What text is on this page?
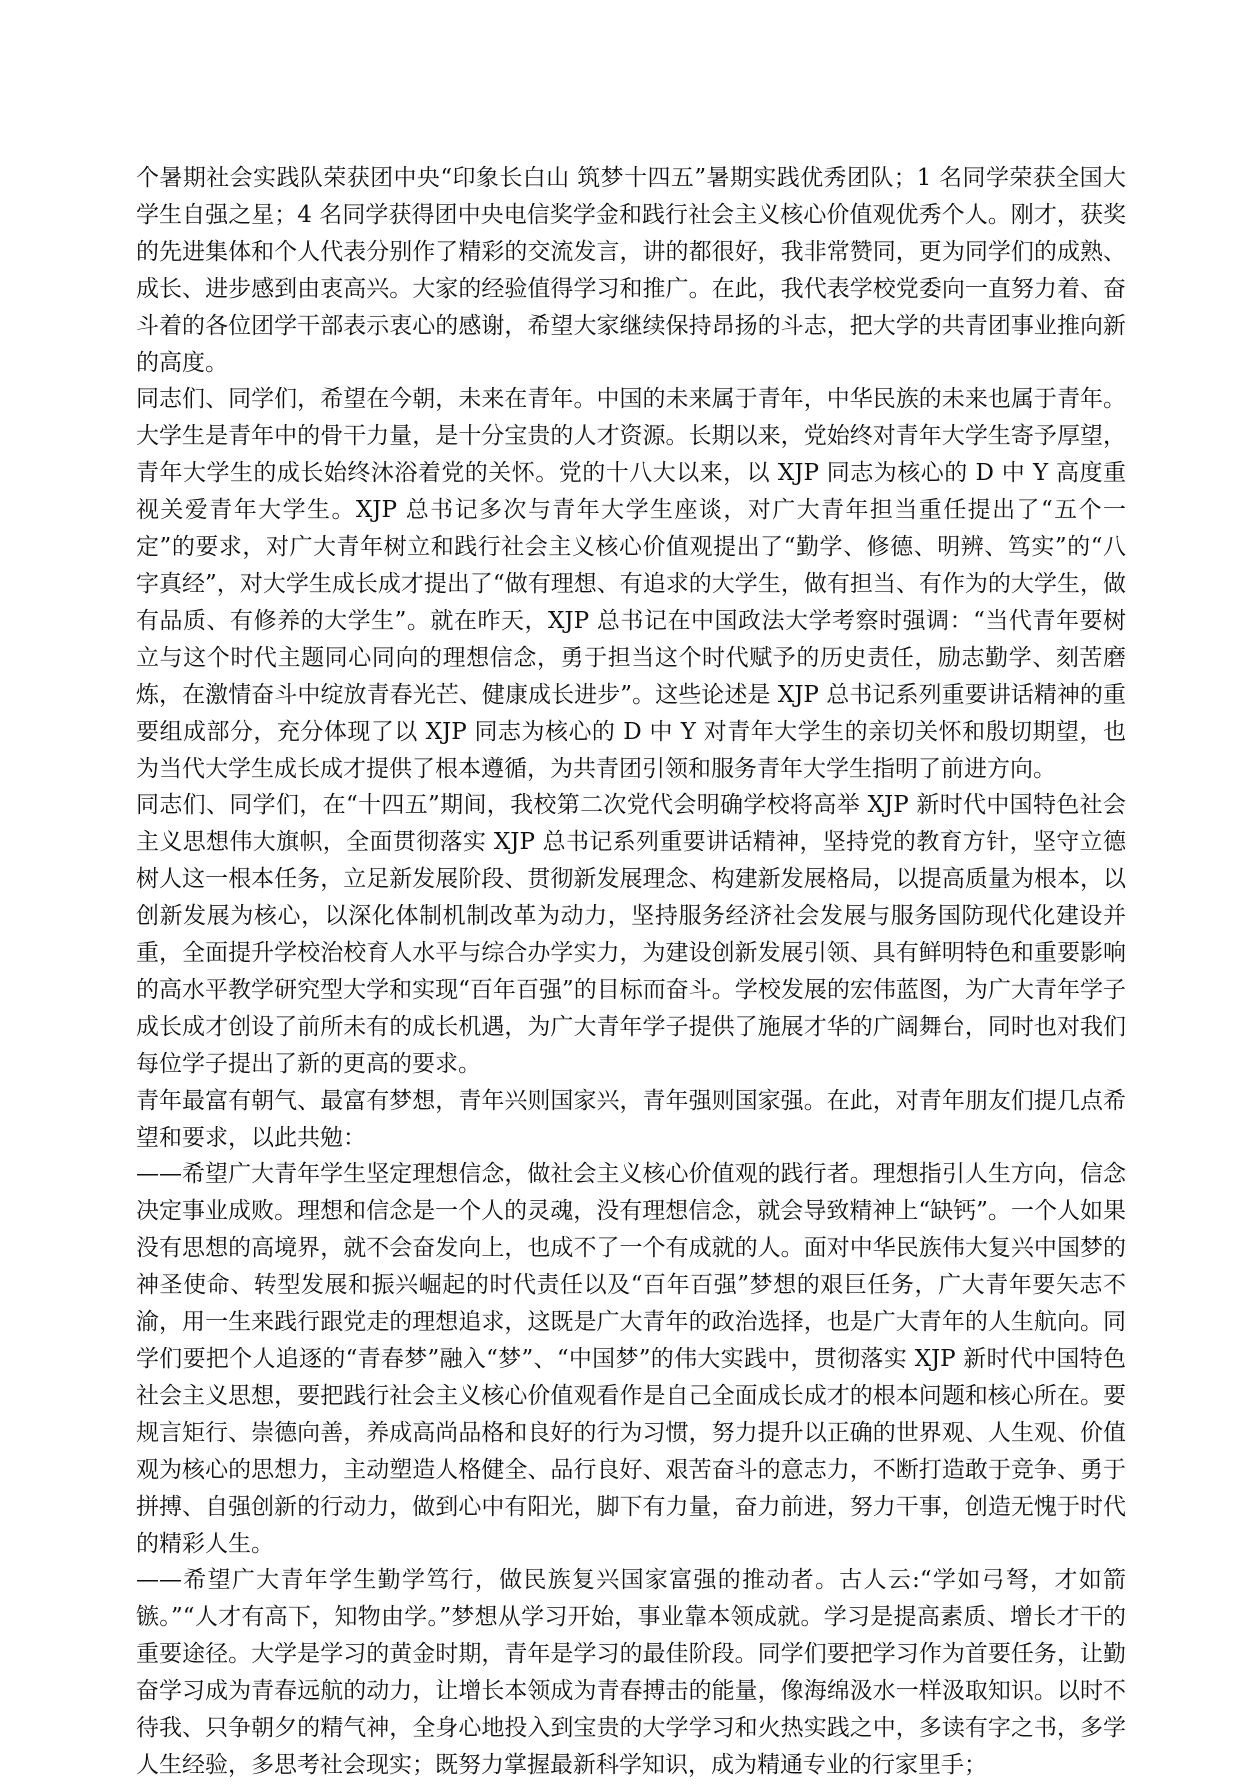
个暑期社会实践队荣获团中央“印象长白山 筑梦十四五”暑期实践优秀团队；1 名同学荣获全国大学生自强之星；4 名同学获得团中央电信奖学金和践行社会主义核心价值观优秀个人。刚才，获奖的先进集体和个人代表分别作了精彩的交流发言，讲的都很好，我非常赞同，更为同学们的成熟、成长、进步感到由衷高兴。大家的经验值得学习和推广。在此，我代表学校党委向一直努力着、奋斗着的各位团学干部表示衷心的感谢，希望大家继续保持昂扬的斗志，把大学的共青团事业推向新的高度。

同志们、同学们，希望在今朝，未来在青年。中国的未来属于青年，中华民族的未来也属于青年。大学生是青年中的骨干力量，是十分宝贵的人才资源。长期以来，党始终对青年大学生寄予厚望，青年大学生的成长始终沐浴着党的关怀。党的十八大以来，以 XJP 同志为核心的 D 中 Y 高度重视关爱青年大学生。XJP 总书记多次与青年大学生座谈，对广大青年担当重任提出了“五个一定”的要求，对广大青年树立和践行社会主义核心价值观提出了“勤学、修德、明辨、笃实”的“八字真经”，对大学生成长成才提出了“做有理想、有追求的大学生，做有担当、有作为的大学生，做有品质、有修养的大学生”。就在昨天，XJP 总书记在中国政法大学考察时强调：“当代青年要树立与这个时代主题同心同向的理想信念，勇于担当这个时代赋予的历史责任，励志勤学、刻苦磨炼，在激情奋斗中绽放青春光芒、健康成长进步”。这些论述是 XJP 总书记系列重要讲话精神的重要组成部分，充分体现了以 XJP 同志为核心的 D 中 Y 对青年大学生的亲切关怀和殷切期望，也为当代大学生成长成才提供了根本遵循，为共青团引领和服务青年大学生指明了前进方向。

同志们、同学们，在“十四五”期间，我校第二次党代会明确学校将高举 XJP 新时代中国特色社会主义思想伟大旗帜，全面贯彻落实 XJP 总书记系列重要讲话精神，坚持党的教育方针，坚守立德树人这一根本任务，立足新发展阶段、贯彻新发展理念、构建新发展格局，以提高质量为根本，以创新发展为核心，以深化体制机制改革为动力，坚持服务经济社会发展与服务国防现代化建设并重，全面提升学校治校育人水平与综合办学实力，为建设创新发展引领、具有鲜明特色和重要影响的高水平教学研究型大学和实现“百年百强”的目标而奋斗。学校发展的宏伟蓝图，为广大青年学子成长成才创设了前所未有的成长机遇，为广大青年学子提供了施展才华的广阔舞台，同时也对我们每位学子提出了新的更高的要求。

青年最富有朝气、最富有梦想，青年兴则国家兴，青年强则国家强。在此，对青年朋友们提几点希望和要求，以此共勉：

——希望广大青年学生坚定理想信念，做社会主义核心价值观的践行者。理想指引人生方向，信念决定事业成败。理想和信念是一个人的灵魂，没有理想信念，就会导致精神上“缺钙”。一个人如果没有思想的高境界，就不会奋发向上，也成不了一个有成就的人。面对中华民族伟大复兴中国梦的神圣使命、转型发展和振兴崛起的时代责任以及“百年百强”梦想的艰巨任务，广大青年要矢志不渝，用一生来践行跟党走的理想追求，这既是广大青年的政治选择，也是广大青年的人生航向。同学们要把个人追逐的“青春梦”融入“梦”、“中国梦”的伟大实践中，贯彻落实 XJP 新时代中国特色社会主义思想，要把践行社会主义核心价值观看作是自己全面成长成才的根本问题和核心所在。要规言矩行、崇德向善，养成高尚品格和良好的行为习惯，努力提升以正确的世界观、人生观、价值观为核心的思想力，主动塑造人格健全、品行良好、艰苦奋斗的意志力，不断打造敢于竞争、勇于拼搏、自强创新的行动力，做到心中有阳光，脚下有力量，奋力前进，努力干事，创造无愧于时代的精彩人生。

——希望广大青年学生勤学笃行，做民族复兴国家富强的推动者。古人云:“学如弓弩，才如箭镞。”“人才有高下，知物由学。”梦想从学习开始，事业靠本领成就。学习是提高素质、增长才干的重要途径。大学是学习的黄金时期，青年是学习的最佳阶段。同学们要把学习作为首要任务，让勤奋学习成为青春远航的动力，让增长本领成为青春搏击的能量，像海绵汲水一样汲取知识。以时不待我、只争朝夕的精气神，全身心地投入到宝贵的大学学习和火热实践之中，多读有字之书，多学人生经验，多思考社会现实；既努力掌握最新科学知识，成为精通专业的行家里手；
